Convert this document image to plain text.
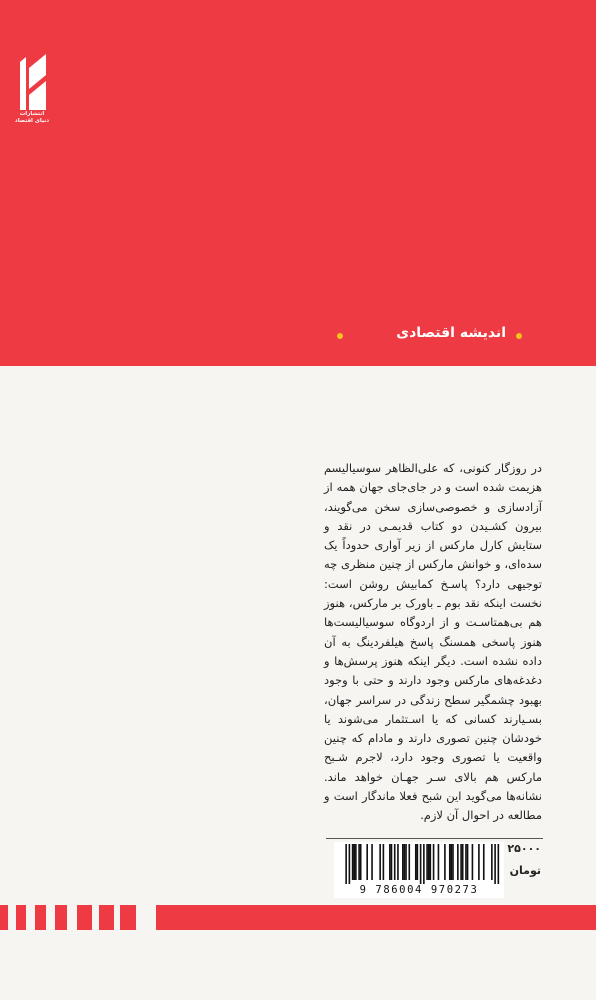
انتشارات
دنیای اقتصاد
اندیشه اقتصادی
در روزگار کنونی، که علی‌الظاهر سوسیالیسم
هزیمت شده است و در جای‌جای جهان همه از
آزادسازی و خصوصی‌سازی سخن می‌گویند،
بیرون کشـیدن دو کتاب قدیمـی در نقد و
ستایش کارل مارکس از زیر آواری حدوداً یک
سده‌ای، و خوانش مارکس از چنین منظری چه
توجیهی دارد؟ پاسـخ کمابیش روشن است:
نخست اینکه نقد بوم ـ باورک بر مارکس، هنوز
هم بی‌همتاسـت و از اردوگاه سوسیالیست‌ها
هنوز پاسخی همسنگ پاسخ هیلفردینگ به آن
داده نشده است. دیگر اینکه هنوز پرسش‌ها و
دغدغه‌های مارکس وجود دارند و حتی با وجود
بهبود چشمگیر سطح زندگی در سراسر جهان،
بسـیارند کسانی که یا اسـتثمار می‌شوند یا
خودشان چنین تصوری دارند و مادام که چنین
واقعیت یا تصوری وجود دارد، لاجرم شـبح
مارکس هم بالای سـر جهـان خواهد ماند.
نشانه‌ها می‌گوید این شبح فعلا ماندگار است و
مطالعه در احوال آن لازم.
9 786004 970273
۲۵۰۰۰
تومان
